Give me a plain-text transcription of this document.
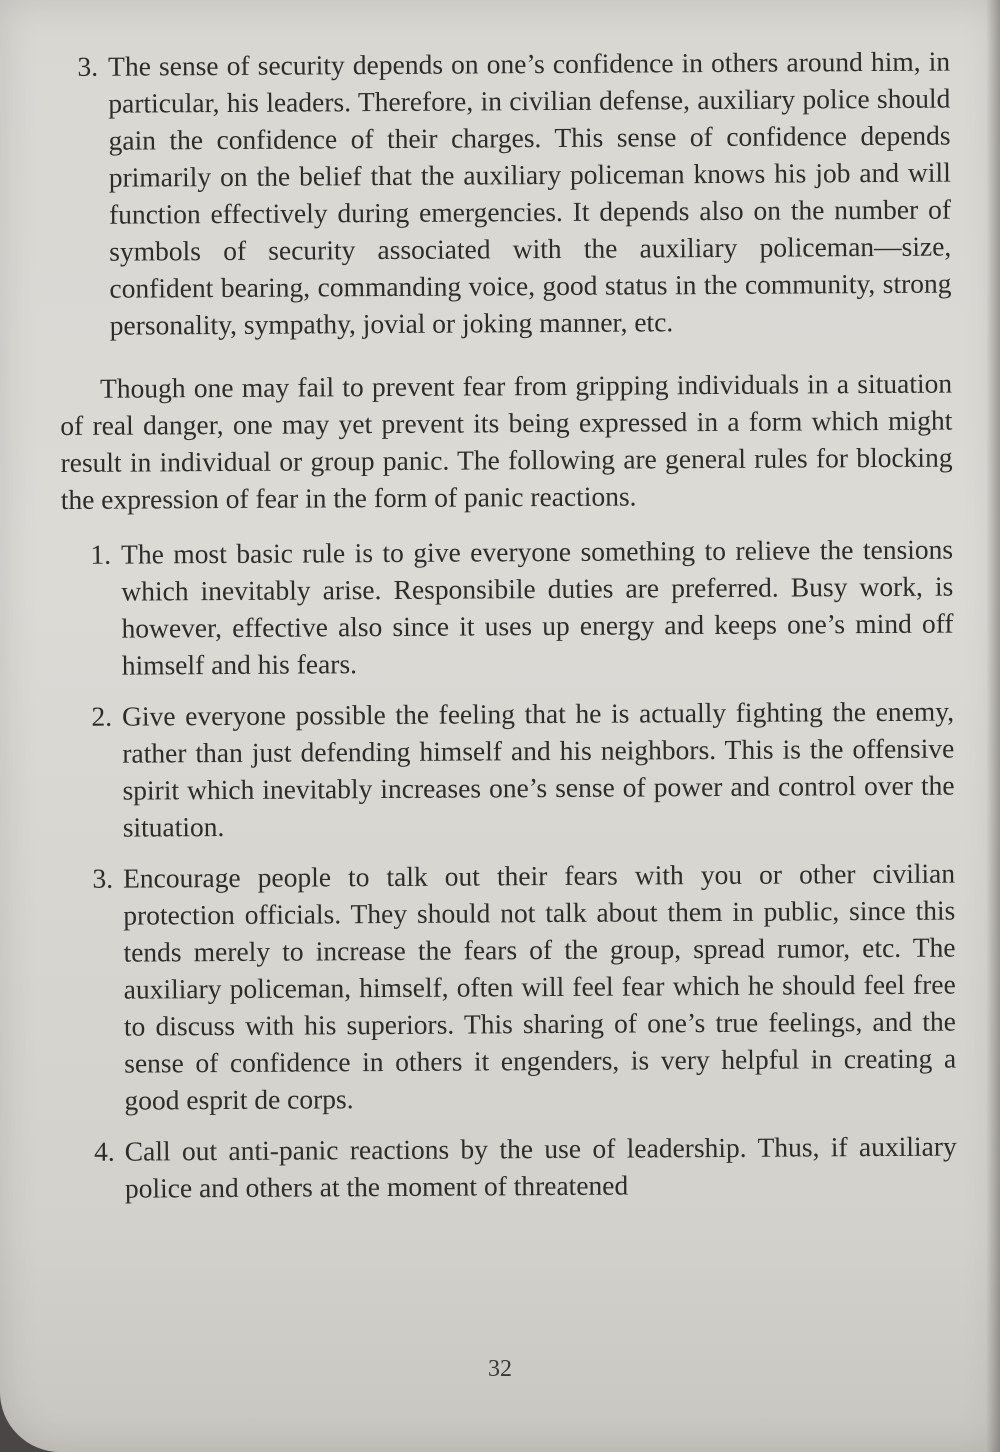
3. The sense of security depends on one’s confidence in others around him, in particular, his leaders. Therefore, in civilian defense, auxiliary police should gain the confidence of their charges. This sense of confidence depends primarily on the belief that the auxiliary policeman knows his job and will function effectively during emergencies. It depends also on the number of symbols of security associated with the auxiliary policeman—size, confident bearing, commanding voice, good status in the community, strong personality, sympathy, jovial or joking manner, etc.

Though one may fail to prevent fear from gripping individuals in a situation of real danger, one may yet prevent its being expressed in a form which might result in individual or group panic. The following are general rules for blocking the expression of fear in the form of panic reactions.

1. The most basic rule is to give everyone something to relieve the tensions which inevitably arise. Responsibile duties are preferred. Busy work, is however, effective also since it uses up energy and keeps one’s mind off himself and his fears.
2. Give everyone possible the feeling that he is actually fighting the enemy, rather than just defending himself and his neighbors. This is the offensive spirit which inevitably increases one’s sense of power and control over the situation.
3. Encourage people to talk out their fears with you or other civilian protection officials. They should not talk about them in public, since this tends merely to increase the fears of the group, spread rumor, etc. The auxiliary policeman, himself, often will feel fear which he should feel free to discuss with his superiors. This sharing of one’s true feelings, and the sense of confidence in others it engenders, is very helpful in creating a good esprit de corps.
4. Call out anti-panic reactions by the use of leadership. Thus, if auxiliary police and others at the moment of threatened
32
